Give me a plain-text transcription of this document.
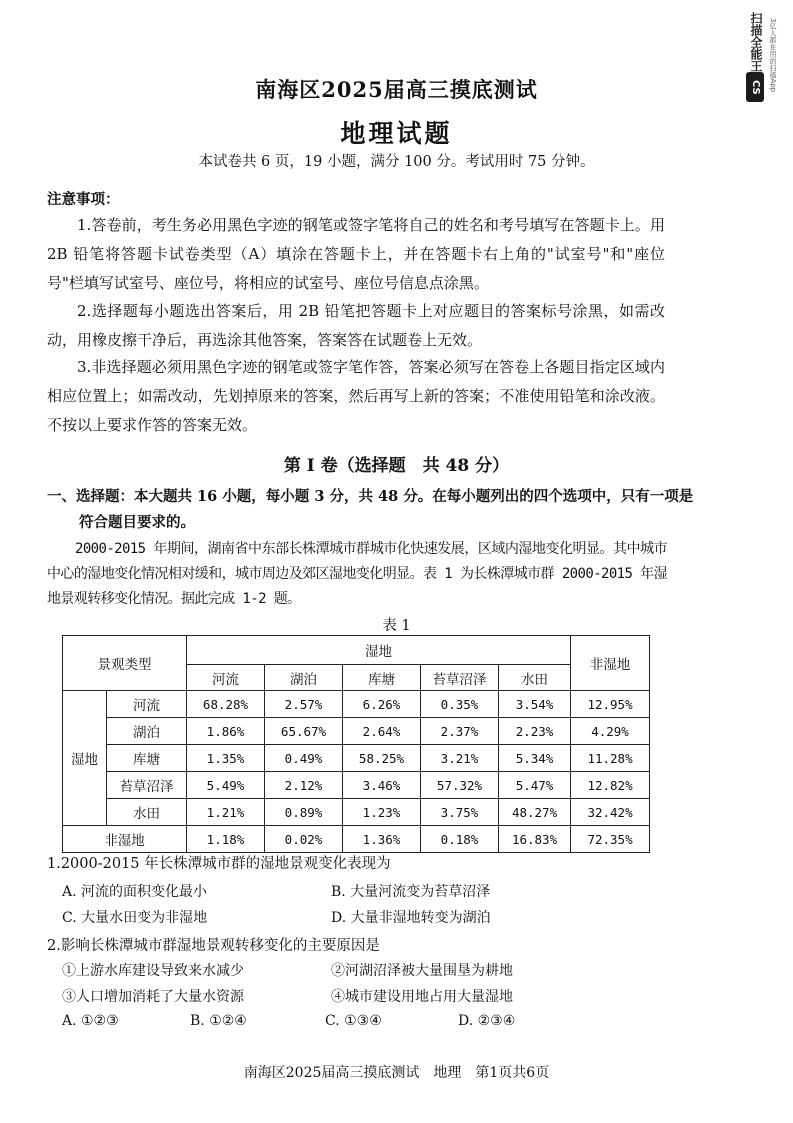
CS
扫描全能王 3亿人都在用的扫描App
南海区2025届高三摸底测试
地理试题
本试卷共 6 页，19 小题，满分 100 分。考试用时 75 分钟。
注意事项：

1.答卷前，考生务必用黑色字迹的钢笔或签字笔将自己的姓名和考号填写在答题卡上。用 2B 铅笔将答题卡试卷类型（A）填涂在答题卡上，并在答题卡右上角的"试室号"和"座位号"栏填写试室号、座位号，将相应的试室号、座位号信息点涂黑。

2.选择题每小题选出答案后，用 2B 铅笔把答题卡上对应题目的答案标号涂黑，如需改动，用橡皮擦干净后，再选涂其他答案，答案答在试题卷上无效。

3.非选择题必须用黑色字迹的钢笔或签字笔作答，答案必须写在答卷上各题目指定区域内相应位置上；如需改动，先划掉原来的答案，然后再写上新的答案；不准使用铅笔和涂改液。不按以上要求作答的答案无效。

第 I 卷（选择题　共 48 分）

一、选择题：本大题共 16 小题，每小题 3 分，共 48 分。在每小题列出的四个选项中，只有一项是符合题目要求的。

2000-2015 年期间，湖南省中东部长株潭城市群城市化快速发展，区域内湿地变化明显。其中城市中心的湿地变化情况相对缓和，城市周边及郊区湿地变化明显。表 1 为长株潭城市群 2000-2015 年湿地景观转移变化情况。据此完成 1-2 题。

表 1
景观类型		湿地					非湿地
		河流	湖泊	库塘	苔草沼泽	水田	
湿地	河流	68.28%	2.57%	6.26%	0.35%	3.54%	12.95%
	湖泊	1.86%	65.67%	2.64%	2.37%	2.23%	4.29%
	库塘	1.35%	0.49%	58.25%	3.21%	5.34%	11.28%
	苔草沼泽	5.49%	2.12%	3.46%	57.32%	5.47%	12.82%
	水田	1.21%	0.89%	1.23%	3.75%	48.27%	32.42%
非湿地		1.18%	0.02%	1.36%	0.18%	16.83%	72.35%
1.2000-2015 年长株潭城市群的湿地景观变化表现为
A. 河流的面积变化最小	B. 大量河流变为苔草沼泽
C. 大量水田变为非湿地	D. 大量非湿地转变为湖泊
2.影响长株潭城市群湿地景观转移变化的主要原因是
①上游水库建设导致来水减少	②河湖沼泽被大量围垦为耕地
③人口增加消耗了大量水资源	④城市建设用地占用大量湿地
A. ①②③	B. ①②④	C. ①③④	D. ②③④
南海区2025届高三摸底测试　地理　第1页共6页
